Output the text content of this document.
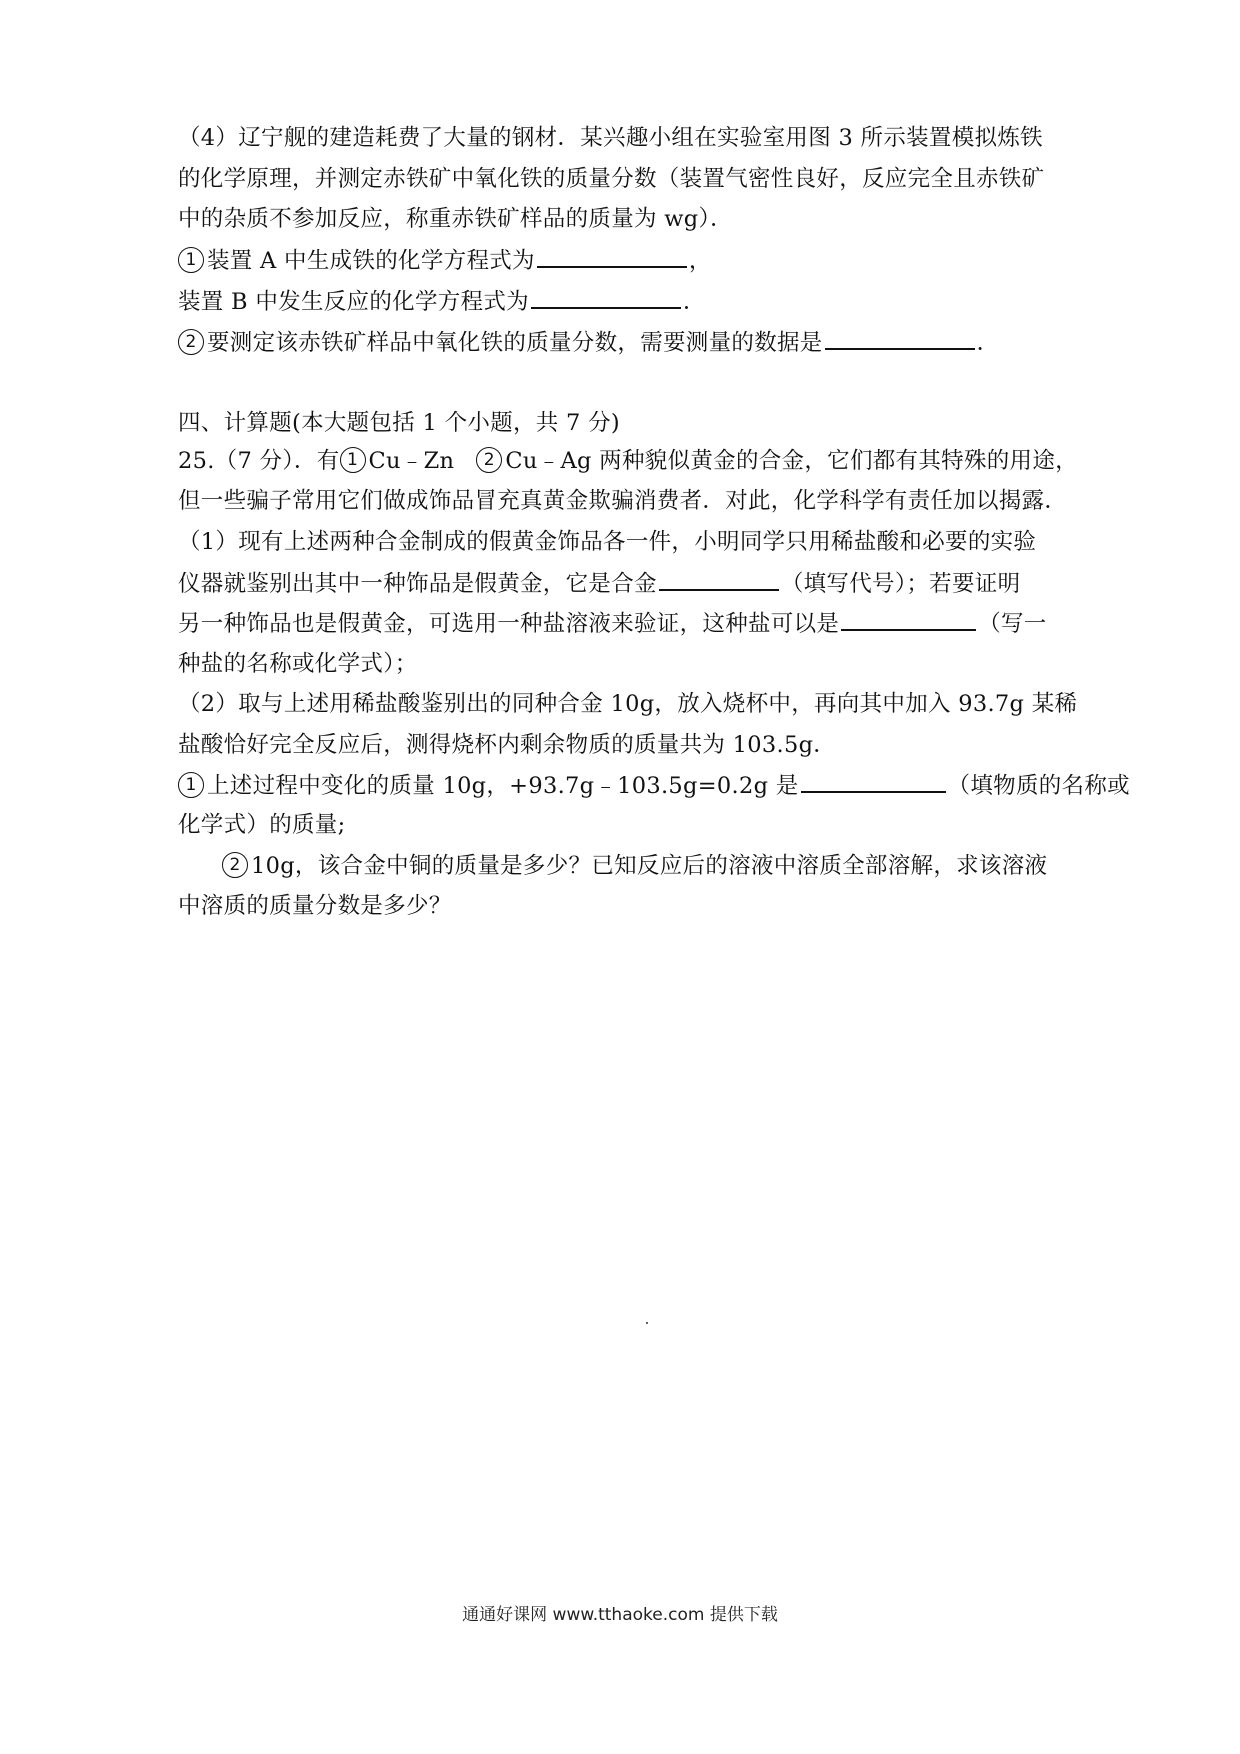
（4）辽宁舰的建造耗费了大量的钢材．某兴趣小组在实验室用图 3 所示装置模拟炼铁
的化学原理，并测定赤铁矿中氧化铁的质量分数（装置气密性良好，反应完全且赤铁矿
中的杂质不参加反应，称重赤铁矿样品的质量为 wg）．
1 装置 A 中生成铁的化学方程式为	，
装置 B 中发生反应的化学方程式为	．
2 要测定该赤铁矿样品中氧化铁的质量分数，需要测量的数据是	．
四、计算题(本大题包括 1 个小题，共 7 分)
25.（7 分）．有 1 Cu﹣Zn 2 Cu﹣Ag 两种貌似黄金的合金，它们都有其特殊的用途，
但一些骗子常用它们做成饰品冒充真黄金欺骗消费者．对此，化学科学有责任加以揭露．
（1）现有上述两种合金制成的假黄金饰品各一件，小明同学只用稀盐酸和必要的实验
仪器就鉴别出其中一种饰品是假黄金，它是合金	（填写代号）；若要证明
另一种饰品也是假黄金，可选用一种盐溶液来验证，这种盐可以是	（写一
种盐的名称或化学式）；
（2）取与上述用稀盐酸鉴别出的同种合金 10g，放入烧杯中，再向其中加入 93.7g 某稀
盐酸恰好完全反应后，测得烧杯内剩余物质的质量共为 103.5g．
1 上述过程中变化的质量 10g，+93.7g﹣103.5g=0.2g 是	（填物质的名称或
化学式）的质量;
2 10g，该合金中铜的质量是多少？已知反应后的溶液中溶质全部溶解，求该溶液
中溶质的质量分数是多少？
通通好课网 www.tthaoke.com 提供下载
